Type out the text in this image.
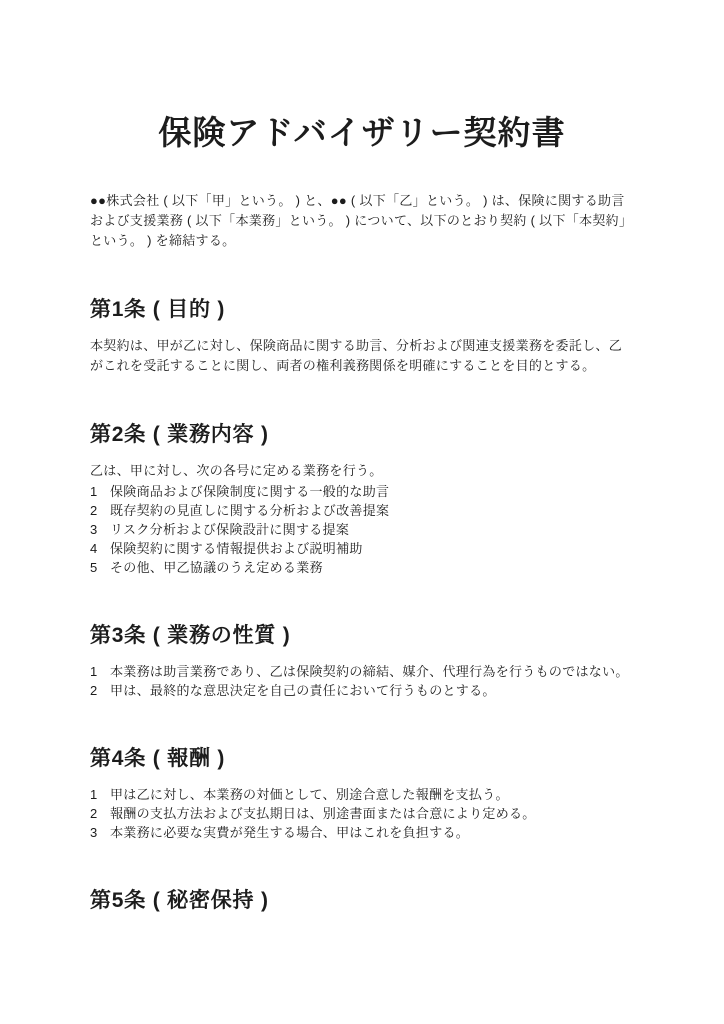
保険アドバイザリー契約書

●●株式会社 ( 以下「甲」という。 ) と、●● ( 以下「乙」という。 ) は、保険に関する助言および支援業務 ( 以下「本業務」という。 ) について、以下のとおり契約 ( 以下「本契約」という。 ) を締結する。

第1条 ( 目的 )

本契約は、甲が乙に対し、保険商品に関する助言、分析および関連支援業務を委託し、乙がこれを受託することに関し、両者の権利義務関係を明確にすることを目的とする。

第2条 ( 業務内容 )

乙は、甲に対し、次の各号に定める業務を行う。

1 保険商品および保険制度に関する一般的な助言
2 既存契約の見直しに関する分析および改善提案
3 リスク分析および保険設計に関する提案
4 保険契約に関する情報提供および説明補助
5 その他、甲乙協議のうえ定める業務
第3条 ( 業務の性質 )
1 本業務は助言業務であり、乙は保険契約の締結、媒介、代理行為を行うものではない。
2 甲は、最終的な意思決定を自己の責任において行うものとする。
第4条 ( 報酬 )
1 甲は乙に対し、本業務の対価として、別途合意した報酬を支払う。
2 報酬の支払方法および支払期日は、別途書面または合意により定める。
3 本業務に必要な実費が発生する場合、甲はこれを負担する。
第5条 ( 秘密保持 )
